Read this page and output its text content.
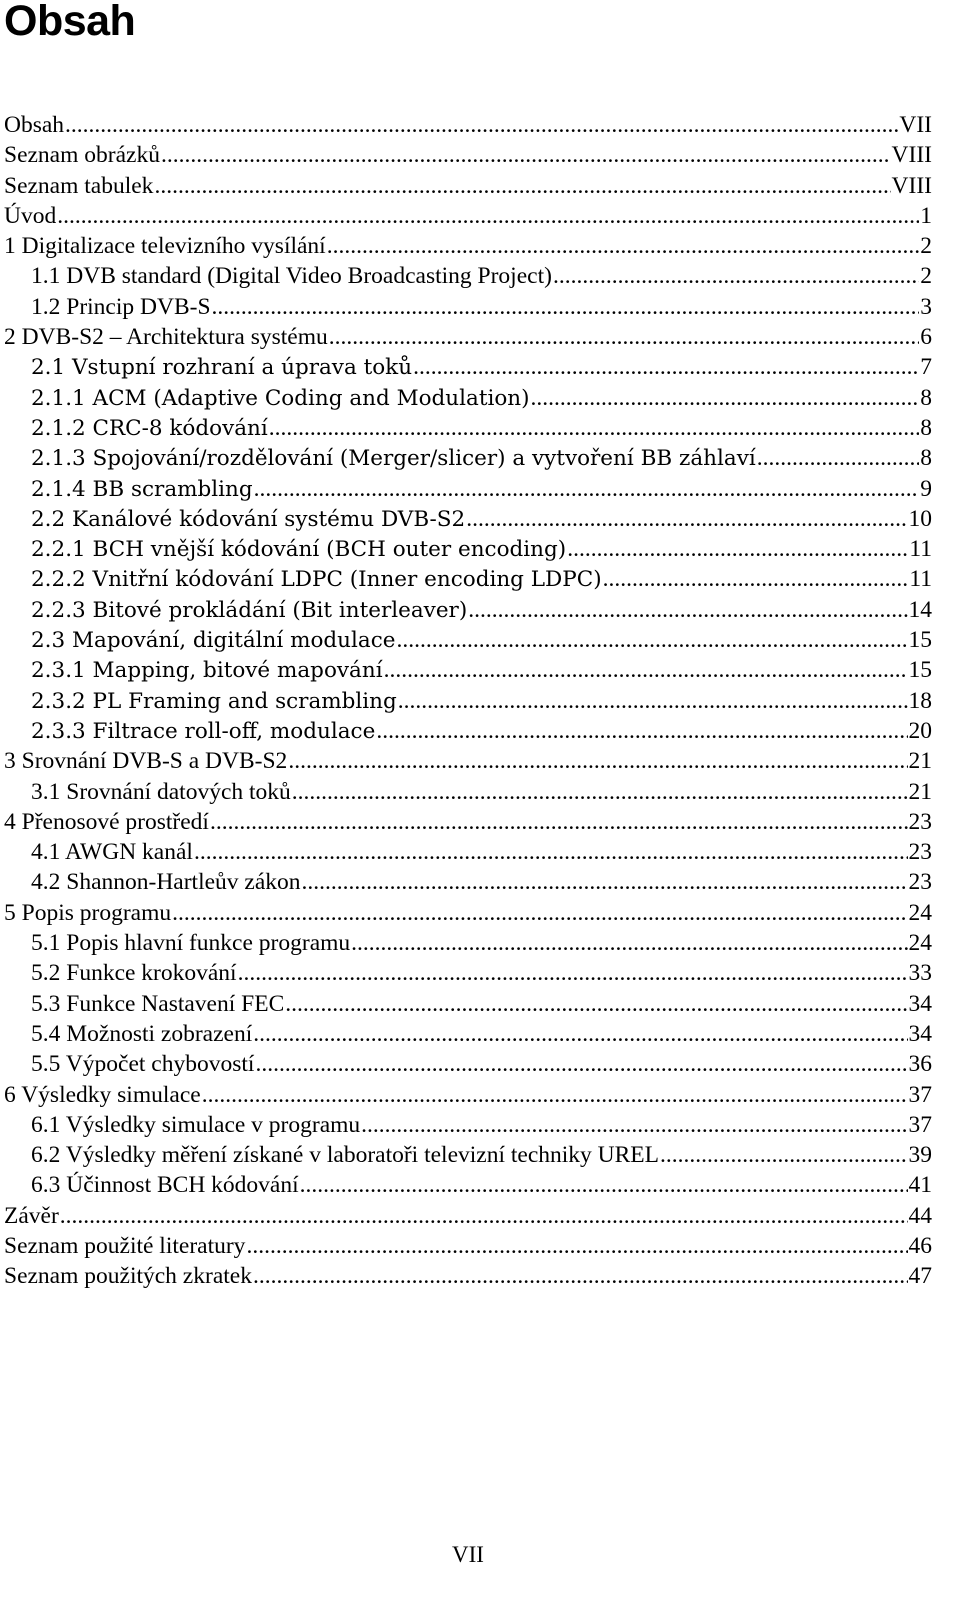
Obsah
Obsah .....	VII
Seznam obrázků .....	VIII
Seznam tabulek .....	VIII
Úvod .....	1
1 Digitalizace televizního vysílání .....	2
1.1 DVB standard (Digital Video Broadcasting Project) .....	2
1.2 Princip DVB-S .....	3
2 DVB-S2 – Architektura systému .....	6
2.1 Vstupní rozhraní a úprava toků .....	7
2.1.1 ACM (Adaptive Coding and Modulation) .....	8
2.1.2 CRC-8 kódování .....	8
2.1.3 Spojování/rozdělování (Merger/slicer) a vytvoření BB záhlaví .....	8
2.1.4 BB scrambling .....	9
2.2 Kanálové kódování systému DVB-S2 .....	10
2.2.1 BCH vnější kódování (BCH outer encoding) .....	11
2.2.2 Vnitřní kódování LDPC (Inner encoding LDPC) .....	11
2.2.3 Bitové prokládání (Bit interleaver) .....	14
2.3 Mapování, digitální modulace .....	15
2.3.1 Mapping, bitové mapování .....	15
2.3.2 PL Framing and scrambling .....	18
2.3.3 Filtrace roll-off, modulace .....	20
3 Srovnání DVB-S a DVB-S2 .....	21
3.1 Srovnání datových toků .....	21
4 Přenosové prostředí .....	23
4.1 AWGN kanál .....	23
4.2 Shannon-Hartleův zákon .....	23
5 Popis programu .....	24
5.1 Popis hlavní funkce programu .....	24
5.2 Funkce krokování .....	33
5.3 Funkce Nastavení FEC .....	34
5.4 Možnosti zobrazení .....	34
5.5 Výpočet chybovostí .....	36
6 Výsledky simulace .....	37
6.1 Výsledky simulace v programu .....	37
6.2 Výsledky měření získané v laboratoři televizní techniky UREL .....	39
6.3 Účinnost BCH kódování .....	41
Závěr .....	44
Seznam použité literatury .....	46
Seznam použitých zkratek .....	47
VII
